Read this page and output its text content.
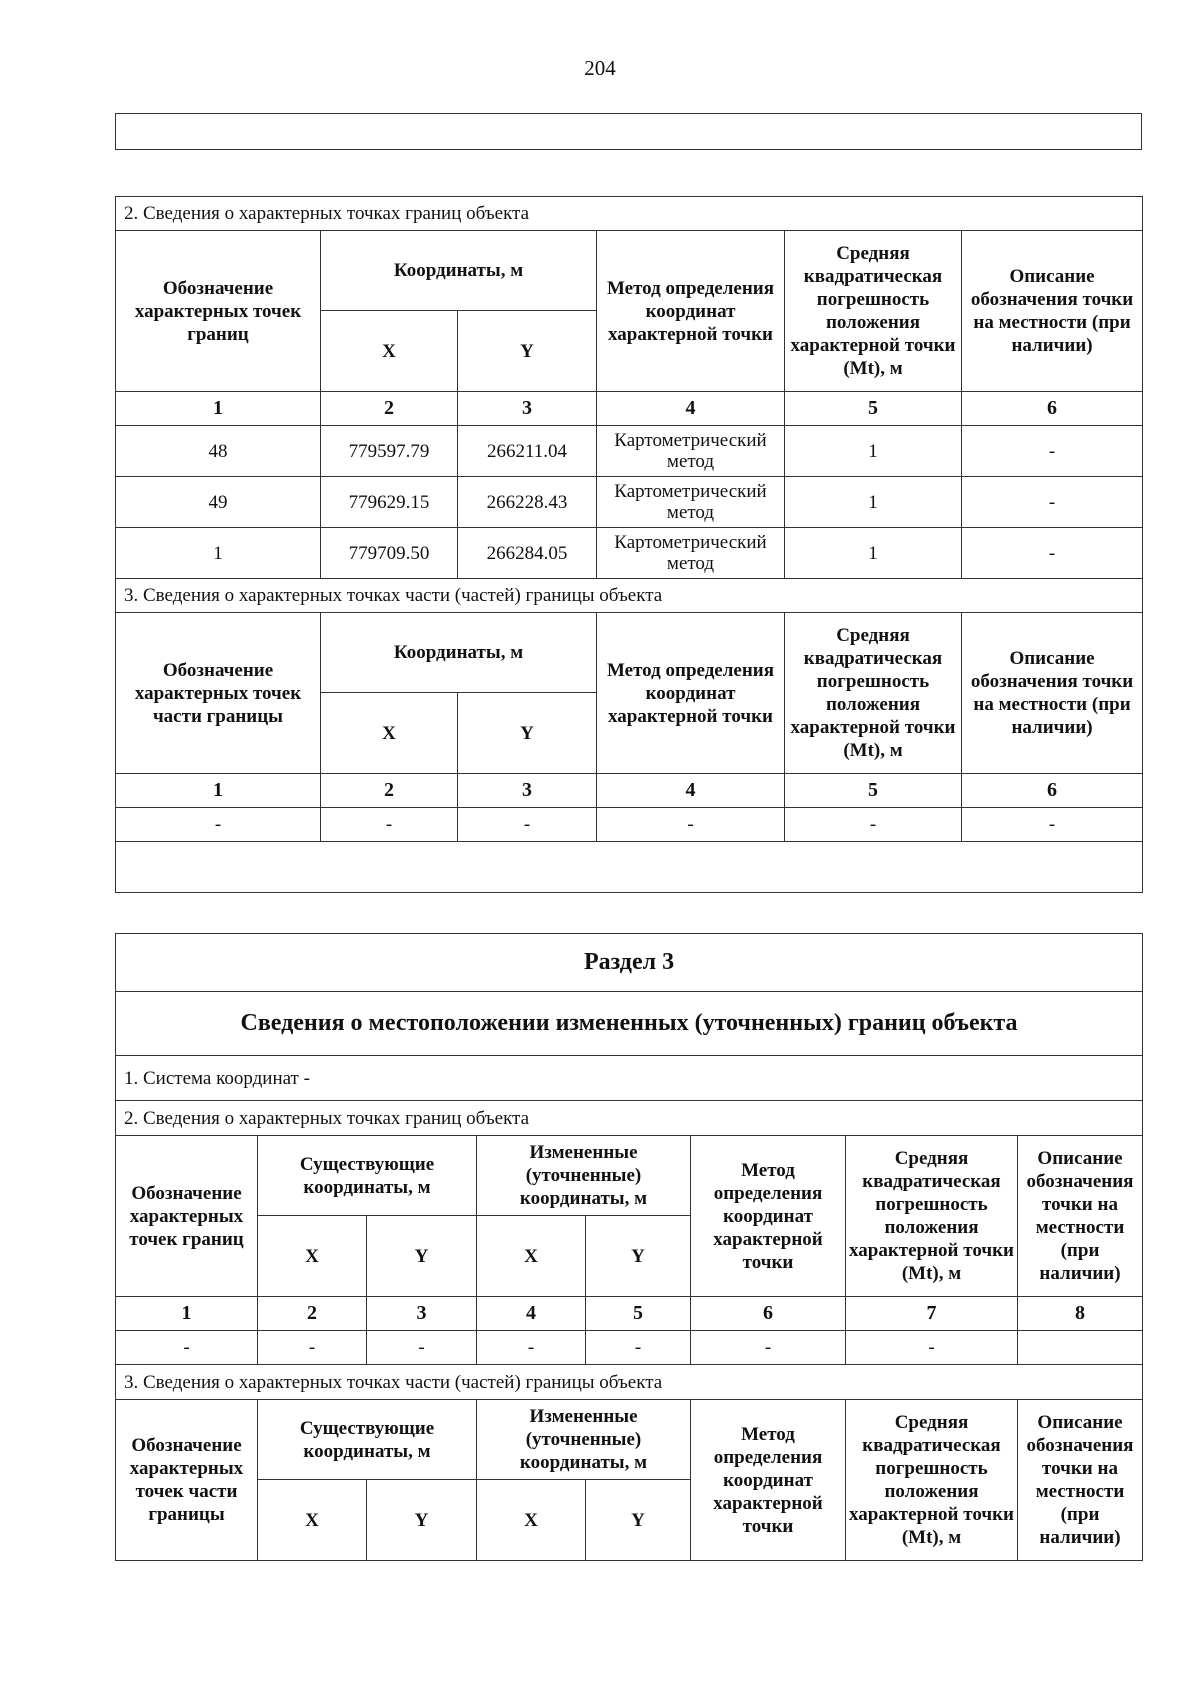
204
2. Сведения о характерных точках границ объекта					
Обозначение характерных точек границ	Координаты, м		Метод определения координат характерной точки	Средняя квадратическая погрешность положения характерной точки (Mt), м	Описание обозначения точки на местности (при наличии)
	X	Y			
1	2	3	4	5	6
48	779597.79	266211.04	Картометрический метод	1	-
49	779629.15	266228.43	Картометрический метод	1	-
1	779709.50	266284.05	Картометрический метод	1	-
3. Сведения о характерных точках части (частей) границы объекта					
Обозначение характерных точек части границы	Координаты, м		Метод определения координат характерной точки	Средняя квадратическая погрешность положения характерной точки (Mt), м	Описание обозначения точки на местности (при наличии)
	X	Y			
1	2	3	4	5	6
-	-	-	-	-	-

Раздел 3							
Сведения о местоположении измененных (уточненных) границ объекта							
1. Система координат -							
2. Сведения о характерных точках границ объекта							
Обозначение характерных точек границ	Существующие координаты, м		Измененные (уточненные) координаты, м		Метод определения координат характерной точки	Средняя квадратическая погрешность положения характерной точки (Mt), м	Описание обозначения точки на местности (при наличии)
	X	Y	X	Y			
1	2	3	4	5	6	7	8
-	-	-	-	-	-	-	
3. Сведения о характерных точках части (частей) границы объекта							
Обозначение характерных точек части границы	Существующие координаты, м		Измененные (уточненные) координаты, м		Метод определения координат характерной точки	Средняя квадратическая погрешность положения характерной точки (Mt), м	Описание обозначения точки на местности (при наличии)
	X	Y	X	Y			
